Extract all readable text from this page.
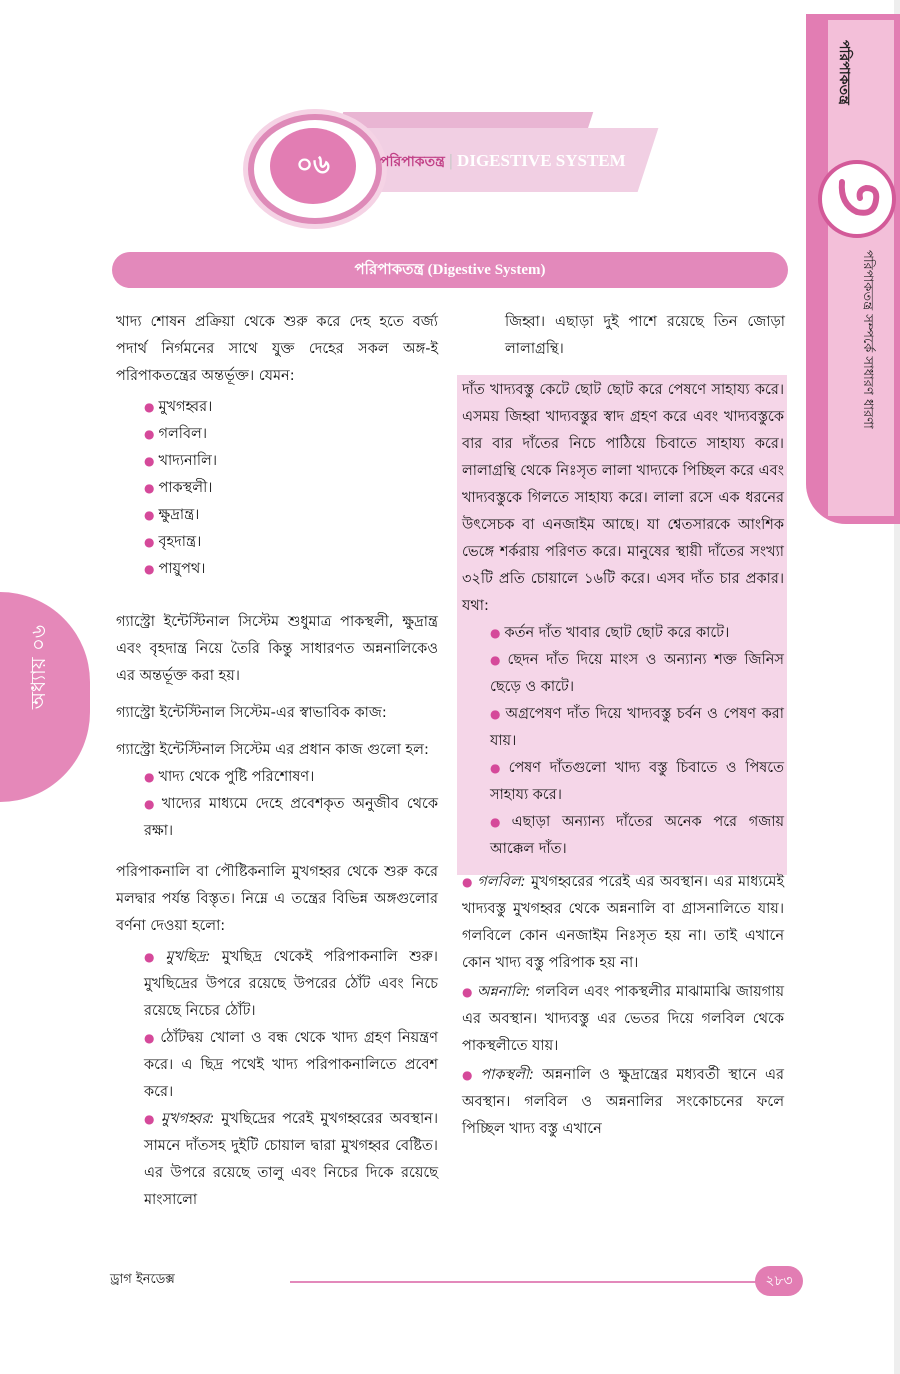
পরিপাকতন্ত্র
পরিপাকতন্ত্র সম্পর্কে সাধারণ ধারণা
অধ্যায় ০৬
০৬	পরিপাকতন্ত্র | DIGESTIVE SYSTEM
পরিপাকতন্ত্র (Digestive System)

খাদ্য শোষন প্রক্রিয়া থেকে শুরু করে দেহ হতে বর্জ্য পদার্থ নির্গমনের সাথে যুক্ত দেহের সকল অঙ্গ-ই পরিপাকতন্ত্রের অন্তর্ভূক্ত। যেমন:

● মুখগহ্বর।
● গলবিল।
● খাদ্যনালি।
● পাকস্থলী।
● ক্ষুদ্রান্ত্র।
● বৃহদান্ত্র।
● পায়ুপথ।

গ্যাস্ট্রো ইন্টেস্টিনাল সিস্টেম শুধুমাত্র পাকস্থলী, ক্ষুদ্রান্ত্র এবং বৃহদান্ত্র নিয়ে তৈরি কিন্তু সাধারণত অন্ননালিকেও এর অন্তর্ভূক্ত করা হয়।

গ্যাস্ট্রো ইন্টেস্টিনাল সিস্টেম-এর স্বাভাবিক কাজ:

গ্যাস্ট্রো ইন্টেস্টিনাল সিস্টেম এর প্রধান কাজ গুলো হল:

● খাদ্য থেকে পুষ্টি পরিশোষণ।
● খাদ্যের মাধ্যমে দেহে প্রবেশকৃত অনুজীব থেকে রক্ষা।

পরিপাকনালি বা পৌষ্টিকনালি মুখগহ্বর থেকে শুরু করে মলদ্বার পর্যন্ত বিস্তৃত। নিম্নে এ তন্ত্রের বিভিন্ন অঙ্গগুলোর বর্ণনা দেওয়া হলো:

● মুখছিদ্র: মুখছিদ্র থেকেই পরিপাকনালি শুরু। মুখছিদ্রের উপরে রয়েছে উপরের ঠোঁট এবং নিচে রয়েছে নিচের ঠোঁট।
● ঠোঁটদ্বয় খোলা ও বন্ধ থেকে খাদ্য গ্রহণ নিয়ন্ত্রণ করে। এ ছিদ্র পথেই খাদ্য পরিপাকনালিতে প্রবেশ করে।
● মুখগহ্বর: মুখছিদ্রের পরেই মুখগহ্বরের অবস্থান। সামনে দাঁতসহ দুইটি চোয়াল দ্বারা মুখগহ্বর বেষ্টিত। এর উপরে রয়েছে তালু এবং নিচের দিকে রয়েছে মাংসালো
জিহ্বা। এছাড়া দুই পাশে রয়েছে তিন জোড়া লালাগ্রন্থি।

দাঁত খাদ্যবস্তু কেটে ছোট ছোট করে পেষণে সাহায্য করে। এসময় জিহ্বা খাদ্যবস্তুর স্বাদ গ্রহণ করে এবং খাদ্যবস্তুকে বার বার দাঁতের নিচে পাঠিয়ে চিবাতে সাহায্য করে। লালাগ্রন্থি থেকে নিঃসৃত লালা খাদ্যকে পিচ্ছিল করে এবং খাদ্যবস্তুকে গিলতে সাহায্য করে। লালা রসে এক ধরনের উৎসেচক বা এনজাইম আছে। যা শ্বেতসারকে আংশিক ভেঙ্গে শর্করায় পরিণত করে। মানুষের স্থায়ী দাঁতের সংখ্যা ৩২টি প্রতি চোয়ালে ১৬টি করে। এসব দাঁত চার প্রকার। যথা:

● কর্তন দাঁত খাবার ছোট ছোট করে কাটে।
● ছেদন দাঁত দিয়ে মাংস ও অন্যান্য শক্ত জিনিস ছেড়ে ও কাটে।
● অগ্রপেষণ দাঁত দিয়ে খাদ্যবস্তু চর্বন ও পেষণ করা যায়।
● পেষণ দাঁতগুলো খাদ্য বস্তু চিবাতে ও পিষতে সাহায্য করে।
● এছাড়া অন্যান্য দাঁতের অনেক পরে গজায় আক্কেল দাঁত।

● গলবিল: মুখগহ্বরের পরেই এর অবস্থান। এর মাধ্যমেই খাদ্যবস্তু মুখগহ্বর থেকে অন্ননালি বা গ্রাসনালিতে যায়। গলবিলে কোন এনজাইম নিঃসৃত হয় না। তাই এখানে কোন খাদ্য বস্তু পরিপাক হয় না।

● অন্ননালি: গলবিল এবং পাকস্থলীর মাঝামাঝি জায়গায় এর অবস্থান। খাদ্যবস্তু এর ভেতর দিয়ে গলবিল থেকে পাকস্থলীতে যায়।

● পাকস্থলী: অন্ননালি ও ক্ষুদ্রান্ত্রের মধ্যবর্তী স্থানে এর অবস্থান। গলবিল ও অন্ননালির সংকোচনের ফলে পিচ্ছিল খাদ্য বস্তু এখানে

ড্রাগ ইনডেক্স	২৮৩
